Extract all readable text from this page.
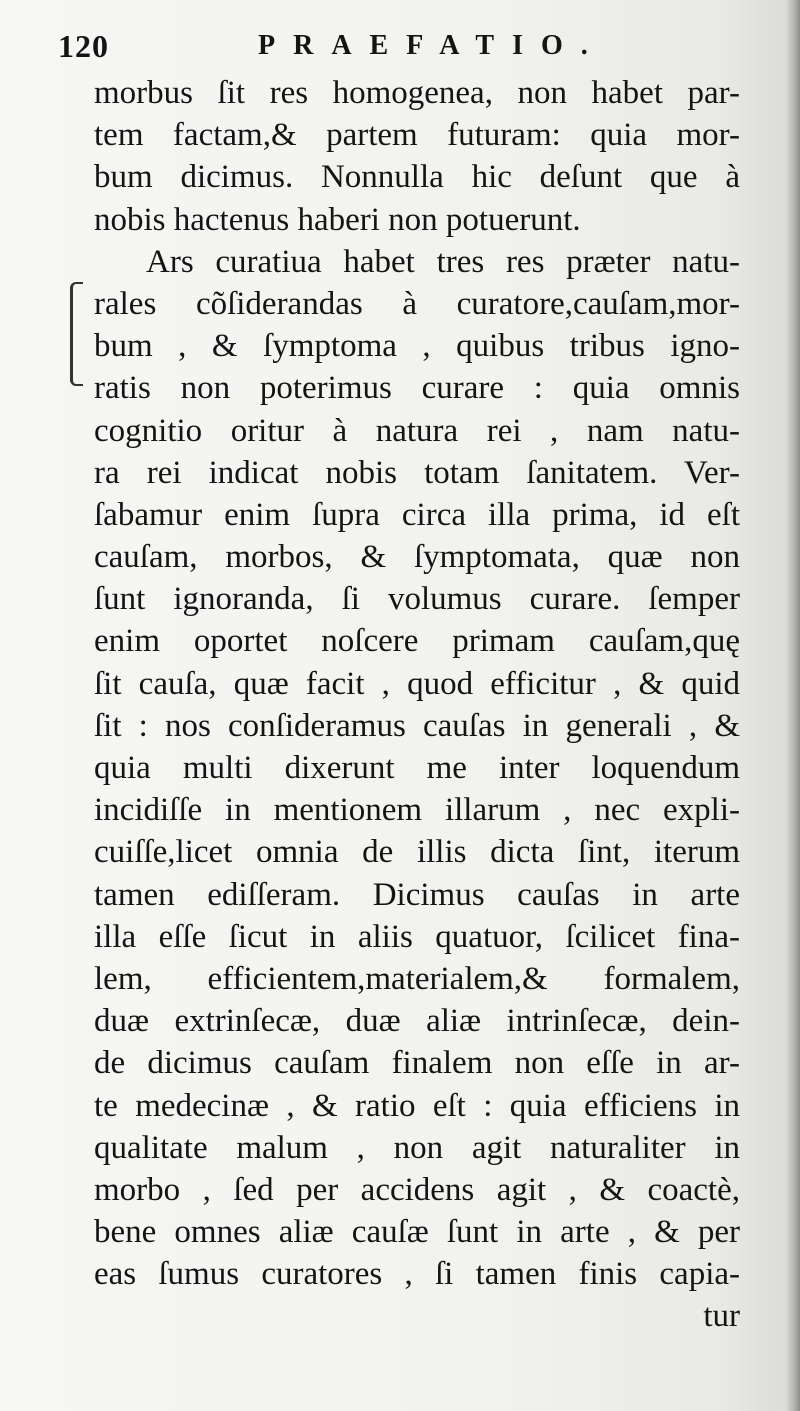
120	PRAEFATIO.
morbus ſit res homogenea, non habet par-
tem factam,& partem futuram: quia mor-
bum dicimus. Nonnulla hic deſunt que à
nobis hactenus haberi non potuerunt.
Ars curatiua habet tres res præter natu-
rales cõſiderandas à curatore,cauſam,mor-
bum , & ſymptoma , quibus tribus igno-
ratis non poterimus curare : quia omnis
cognitio oritur à natura rei , nam natu-
ra rei indicat nobis totam ſanitatem. Ver-
ſabamur enim ſupra circa illa prima, id eſt
cauſam, morbos, & ſymptomata, quæ non
ſunt ignoranda, ſi volumus curare. ſemper
enim oportet noſcere primam cauſam,quę
ſit cauſa, quæ facit , quod efficitur , & quid
ſit : nos conſideramus cauſas in generali , &
quia multi dixerunt me inter loquendum
incidiſſe in mentionem illarum , nec expli-
cuiſſe,licet omnia de illis dicta ſint, iterum
tamen ediſſeram. Dicimus cauſas in arte
illa eſſe ſicut in aliis quatuor, ſcilicet fina-
lem, efficientem,materialem,& formalem,
duæ extrinſecæ, duæ aliæ intrinſecæ, dein-
de dicimus cauſam finalem non eſſe in ar-
te medecinæ , & ratio eſt : quia efficiens in
qualitate malum , non agit naturaliter in
morbo , ſed per accidens agit , & coactè,
bene omnes aliæ cauſæ ſunt in arte , & per
eas ſumus curatores , ſi tamen finis capia-
tur
